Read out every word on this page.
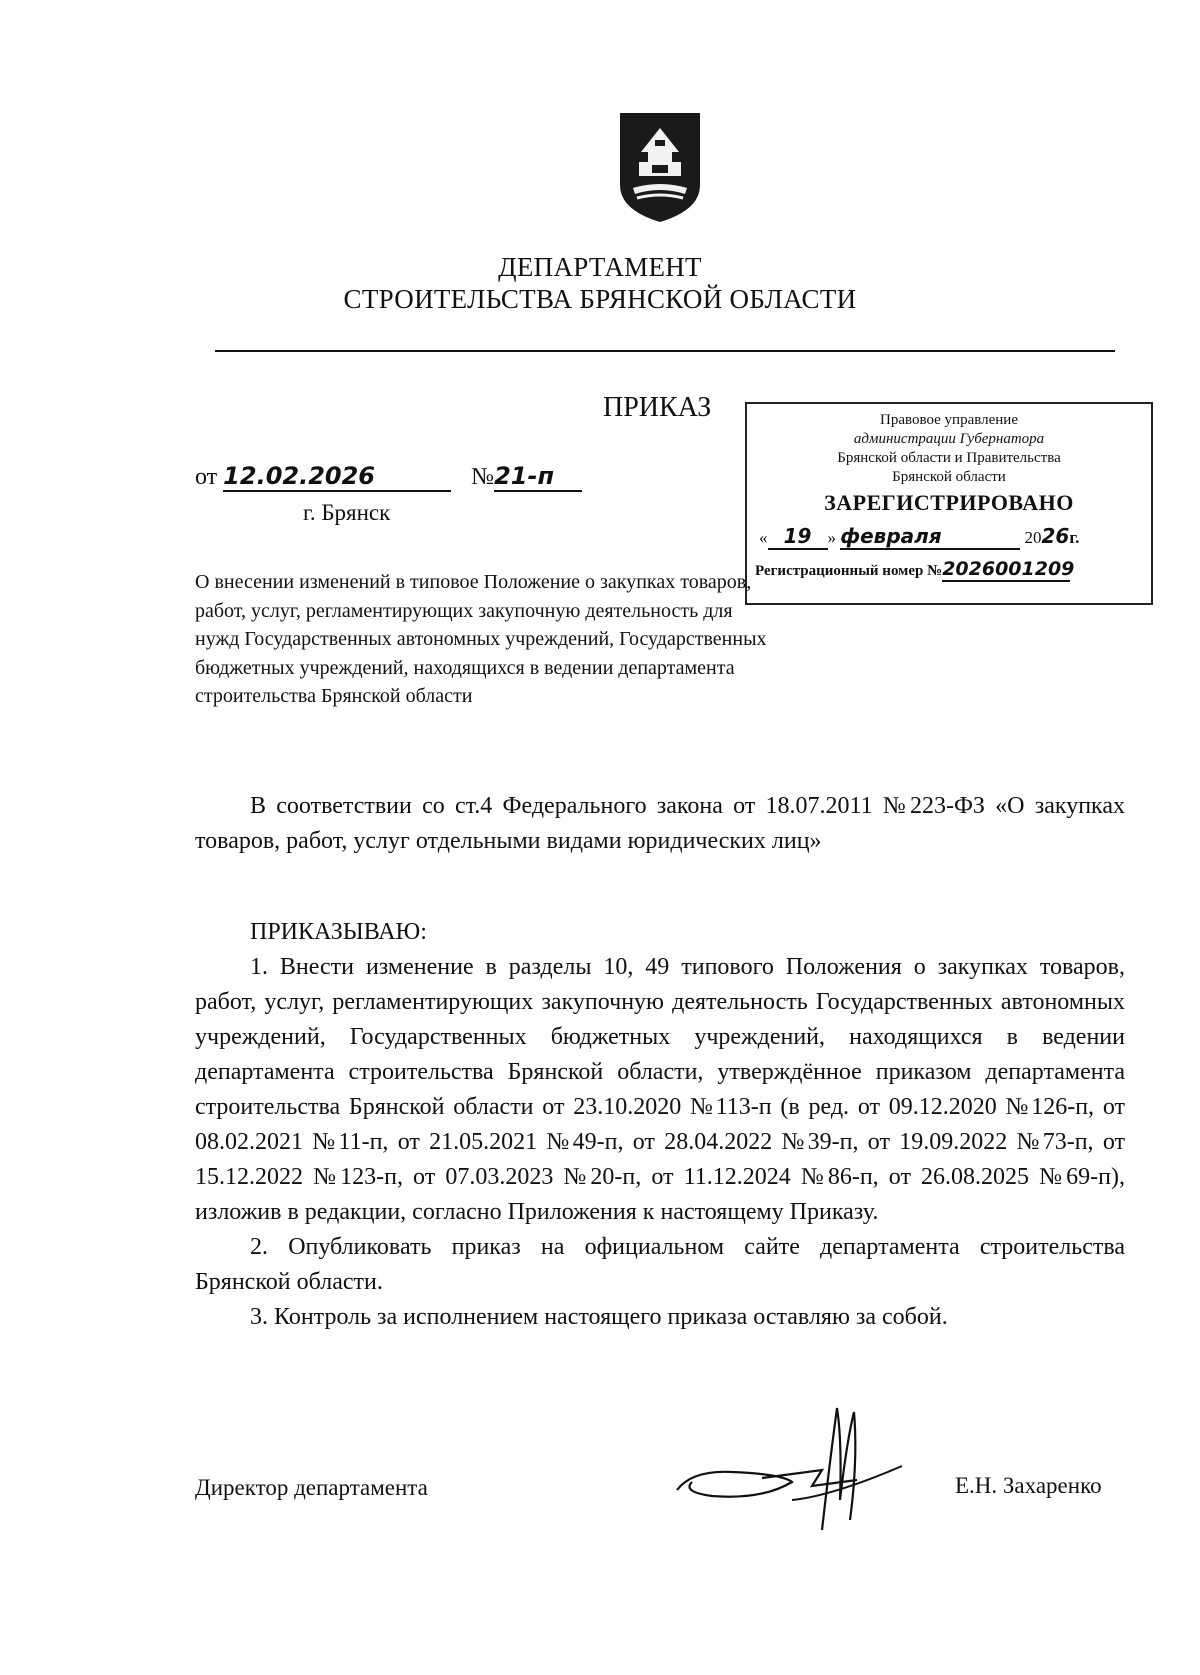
ДЕПАРТАМЕНТ
СТРОИТЕЛЬСТВА БРЯНСКОЙ ОБЛАСТИ
ПРИКАЗ	Правовое управление
администрации Губернатора
Брянской области и Правительства
Брянской области
ЗАРЕГИСТРИРОВАНО
« 19 » февраля	2026г.
Регистрационный номер №2026001209
от 12.02.2026	№21-п
г. Брянск
О внесении изменений в типовое Положение о закупках товаров, работ, услуг, регламентирующих закупочную деятельность для нужд Государственных автономных учреждений, Государственных бюджетных учреждений, находящихся в ведении департамента строительства Брянской области

В соответствии со ст.4 Федерального закона от 18.07.2011 №223-ФЗ «О закупках товаров, работ, услуг отдельными видами юридических лиц»

ПРИКАЗЫВАЮ:

1. Внести изменение в разделы 10, 49 типового Положения о закупках товаров, работ, услуг, регламентирующих закупочную деятельность Государственных автономных учреждений, Государственных бюджетных учреждений, находящихся в ведении департамента строительства Брянской области, утверждённое приказом департамента строительства Брянской области от 23.10.2020 №113-п (в ред. от 09.12.2020 №126-п, от 08.02.2021 №11-п, от 21.05.2021 №49-п, от 28.04.2022 №39-п, от 19.09.2022 №73-п, от 15.12.2022 №123-п, от 07.03.2023 №20-п, от 11.12.2024 №86-п, от 26.08.2025 №69-п), изложив в редакции, согласно Приложения к настоящему Приказу.

2. Опубликовать приказ на официальном сайте департамента строительства Брянской области.

3. Контроль за исполнением настоящего приказа оставляю за собой.

Директор департамента	Е.Н. Захаренко
